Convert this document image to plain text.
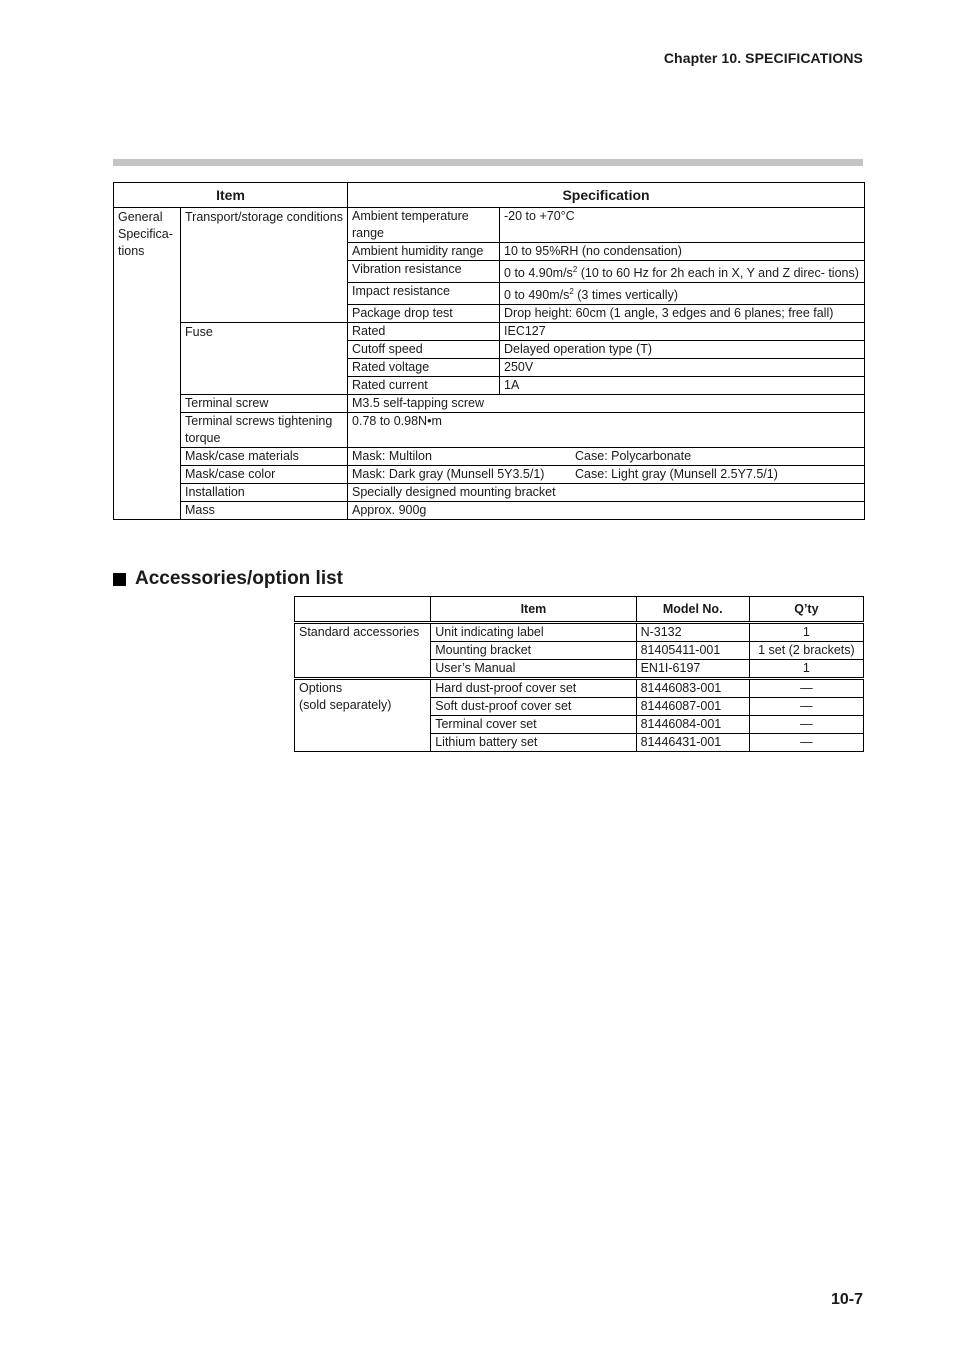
Chapter 10. SPECIFICATIONS
Item		Specification	
General Specifica- tions	Transport/storage conditions	Ambient temperature range	-20 to +70°C
		Ambient humidity range	10 to 95%RH (no condensation)
		Vibration resistance	0 to $4.90m/s^2$ (10 to 60 Hz for 2h each in X, Y and Z direc- tions)
		Impact resistance	0 to $490m/s^2$ (3 times vertically)
		Package drop test	Drop height: 60cm (1 angle, 3 edges and 6 planes; free fall)
	Fuse	Rated	IEC127
		Cutoff speed	Delayed operation type (T)
		Rated voltage	250V
		Rated current	1A
	Terminal screw	M3.5 self-tapping screw	
	Terminal screws tightening torque	0.78 to 0.98N•m	
	Mask/case materials	Mask: Multilon Case: Polycarbonate	

	Mask/case color	Mask: Dark gray (Munsell 5Y3.5/1) Case: Light gray (Munsell 2.5Y7.5/1)	

	Installation	Specially designed mounting bracket	
	Mass	Approx. 900g	
Accessories/option list
	Item	Model No.	Q’ty
Standard accessories	Unit indicating label	N-3132	1
	Mounting bracket	81405411-001	1 set (2 brackets)
	User’s Manual	EN1I-6197	1

Options
(sold separately)	Hard dust-proof cover set	81446083-001	—
	Soft dust-proof cover set	81446087-001	—
	Terminal cover set	81446084-001	—
	Lithium battery set	81446431-001	—
10-7
